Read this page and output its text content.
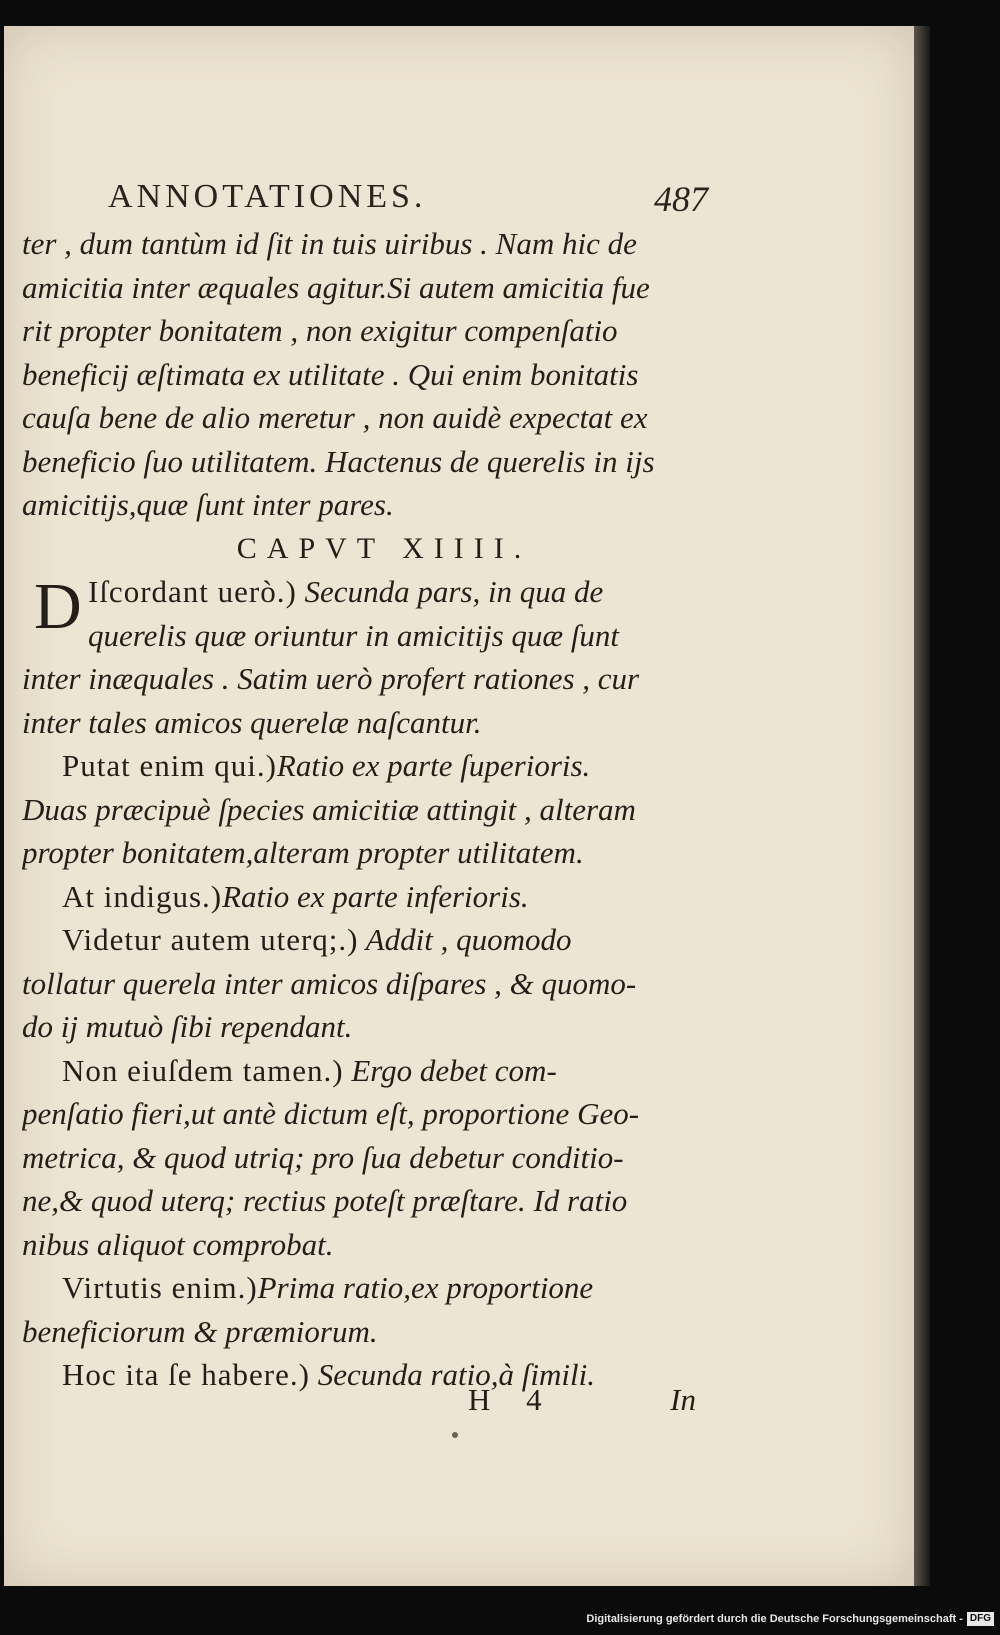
ANNOTATIONES.	487
ter , dum tantùm id ſit in tuis uiribus . Nam hic de
amicitia inter æquales agitur.Si autem amicitia fue
rit propter bonitatem , non exigitur compenſatio
beneficij æſtimata ex utilitate . Qui enim bonitatis
cauſa bene de alio meretur , non auidè expectat ex
beneficio ſuo utilitatem. Hactenus de querelis in ijs
amicitijs,quæ ſunt inter pares.
CAPVT XIIII.
D Iſcordant uerò.) Secunda pars, in qua de
querelis quæ oriuntur in amicitijs quæ ſunt
inter inæquales . Satim uerò profert rationes , cur
inter tales amicos querelæ naſcantur.
Putat enim qui.)Ratio ex parte ſuperioris.
Duas præcipuè ſpecies amicitiæ attingit , alteram
propter bonitatem,alteram propter utilitatem.
At indigus.)Ratio ex parte inferioris.
Videtur autem uterq;.) Addit , quomodo
tollatur querela inter amicos diſpares , & quomo-
do ij mutuò ſibi rependant.
Non eiuſdem tamen.) Ergo debet com-
penſatio fieri,ut antè dictum eſt, proportione Geo-
metrica, & quod utriq; pro ſua debetur conditio-
ne,& quod uterq; rectius poteſt præſtare. Id ratio
nibus aliquot comprobat.
Virtutis enim.)Prima ratio,ex proportione
beneficiorum & præmiorum.
Hoc ita ſe habere.) Secunda ratio,à ſimili.
H 4	In
Digitalisierung gefördert durch die Deutsche Forschungsgemeinschaft - DFG
